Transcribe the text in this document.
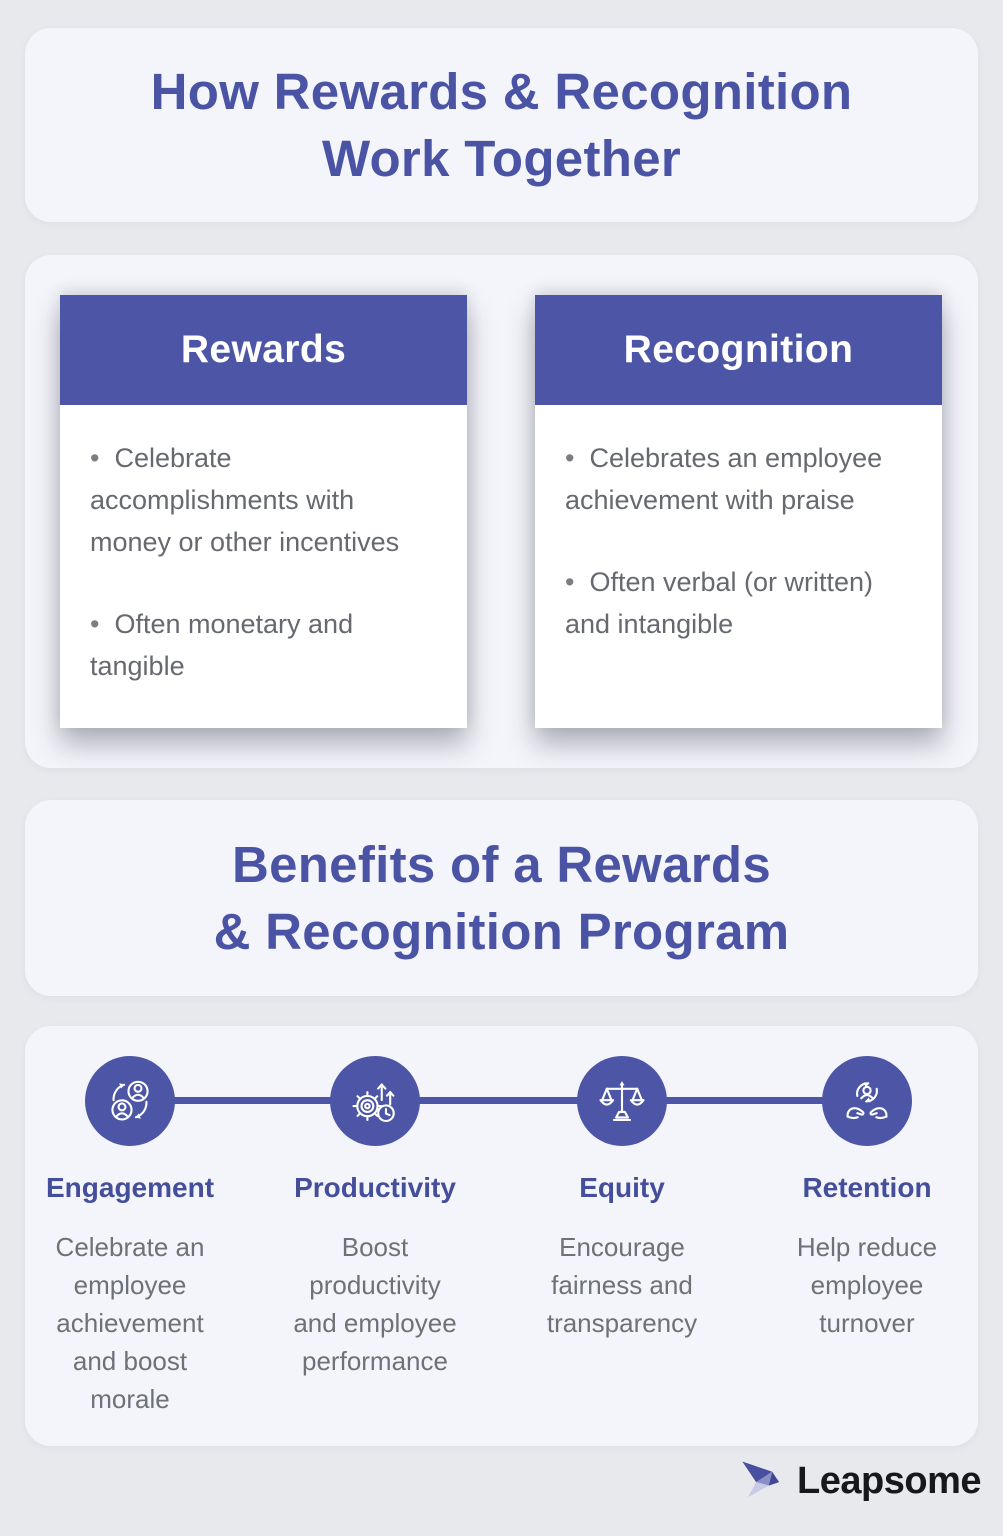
How Rewards & Recognition
Work Together
Rewards

• Celebrate accomplishments with money or other incentives

• Often monetary and tangible

Recognition

• Celebrates an employee achievement with praise

• Often verbal (or written) and intangible

Benefits of a Rewards
& Recognition Program
Engagement
Celebrate an employee achievement and boost morale
Productivity
Boost productivity and employee performance
Equity
Encourage fairness and transparency
Retention
Help reduce employee turnover
Leapsome
